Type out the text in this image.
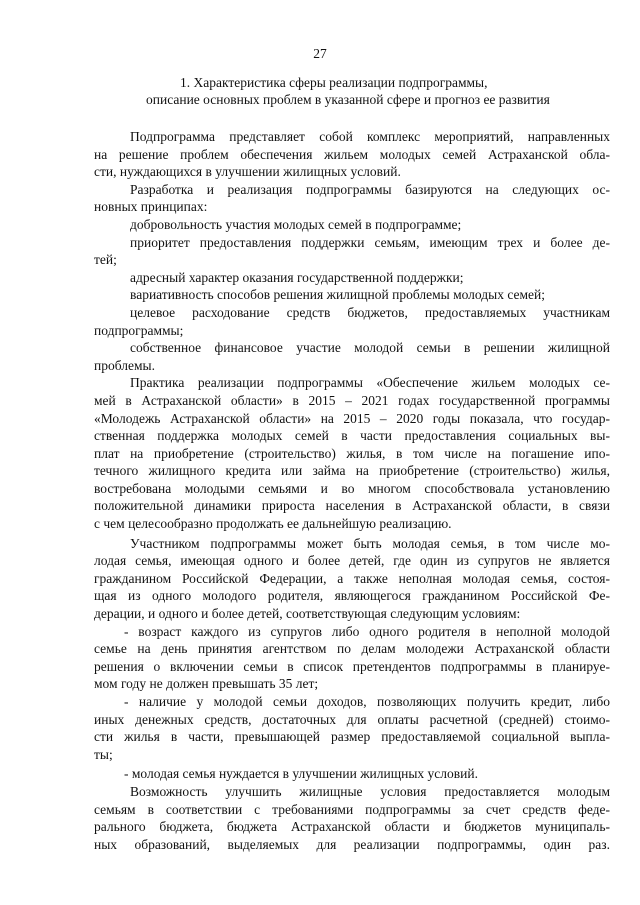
27
1. Характеристика сферы реализации подпрограммы,
описание основных проблем в указанной сфере и прогноз ее развития
Подпрограмма представляет собой комплекс мероприятий, направленных
на решение проблем обеспечения жильем молодых семей Астраханской обла-
сти, нуждающихся в улучшении жилищных условий.
Разработка и реализация подпрограммы базируются на следующих ос-
новных принципах:
добровольность участия молодых семей в подпрограмме;
приоритет предоставления поддержки семьям, имеющим трех и более де-
тей;
адресный характер оказания государственной поддержки;
вариативность способов решения жилищной проблемы молодых семей;
целевое расходование средств бюджетов, предоставляемых участникам
подпрограммы;
собственное финансовое участие молодой семьи в решении жилищной
проблемы.
Практика реализации подпрограммы «Обеспечение жильем молодых се-
мей в Астраханской области» в 2015 – 2021 годах государственной программы
«Молодежь Астраханской области» на 2015 – 2020 годы показала, что государ-
ственная поддержка молодых семей в части предоставления социальных вы-
плат на приобретение (строительство) жилья, в том числе на погашение ипо-
течного жилищного кредита или займа на приобретение (строительство) жилья,
востребована молодыми семьями и во многом способствовала установлению
положительной динамики прироста населения в Астраханской области, в связи
с чем целесообразно продолжать ее дальнейшую реализацию.
Участником подпрограммы может быть молодая семья, в том числе мо-
лодая семья, имеющая одного и более детей, где один из супругов не является
гражданином Российской Федерации, а также неполная молодая семья, состоя-
щая из одного молодого родителя, являющегося гражданином Российской Фе-
дерации, и одного и более детей, соответствующая следующим условиям:
- возраст каждого из супругов либо одного родителя в неполной молодой
семье на день принятия агентством по делам молодежи Астраханской области
решения о включении семьи в список претендентов подпрограммы в планируе-
мом году не должен превышать 35 лет;
- наличие у молодой семьи доходов, позволяющих получить кредит, либо
иных денежных средств, достаточных для оплаты расчетной (средней) стоимо-
сти жилья в части, превышающей размер предоставляемой социальной выпла-
ты;
- молодая семья нуждается в улучшении жилищных условий.
Возможность улучшить жилищные условия предоставляется молодым
семьям в соответствии с требованиями подпрограммы за счет средств феде-
рального бюджета, бюджета Астраханской области и бюджетов муниципаль-
ных образований, выделяемых для реализации подпрограммы, один раз.
